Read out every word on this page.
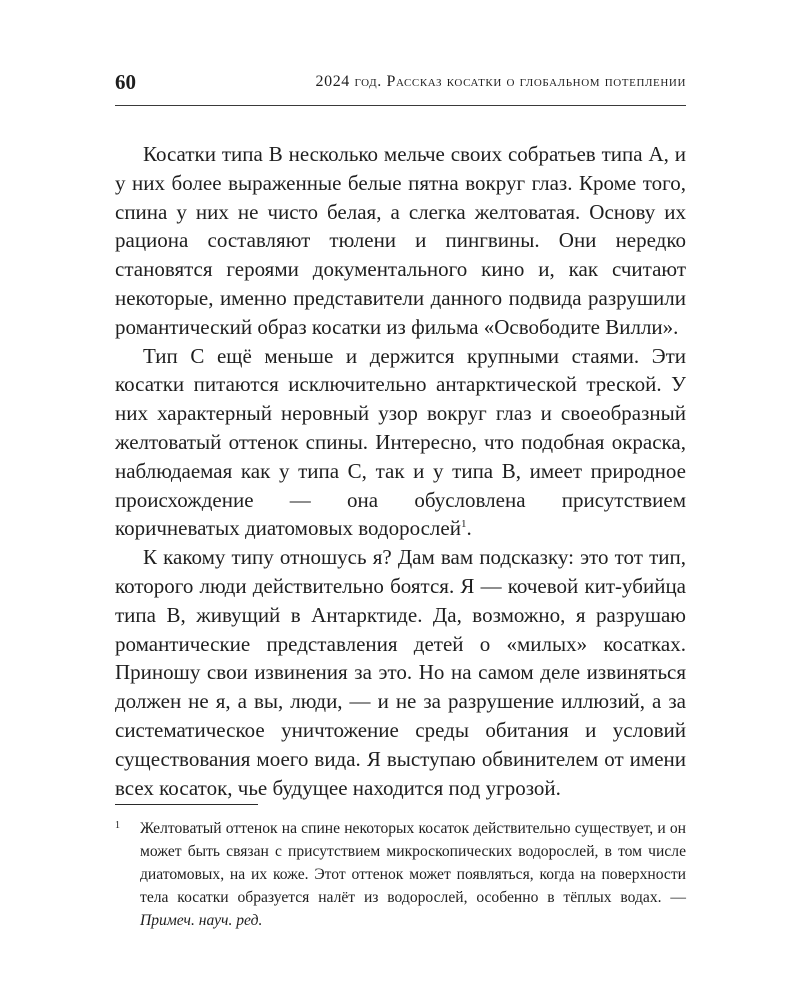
60	2024 год. Рассказ косатки о глобальном потеплении

Косатки типа B несколько мельче своих собратьев типа A, и у них более выраженные белые пятна вокруг глаз. Кроме того, спина у них не чисто белая, а слегка желтоватая. Основу их рациона составляют тюлени и пингвины. Они нередко становятся героями документального кино и, как считают некоторые, именно представители данного подвида разрушили романтический образ косатки из фильма «Освободите Вилли».

Тип C ещё меньше и держится крупными стаями. Эти косатки питаются исключительно антарктической треской. У них характерный неровный узор вокруг глаз и своеобразный желтоватый оттенок спины. Интересно, что подобная окраска, наблюдаемая как у типа C, так и у типа B, имеет природное происхождение — она обусловлена присутствием коричневатых диатомовых водорослей$^1$.

К какому типу отношусь я? Дам вам подсказку: это тот тип, которого люди действительно боятся. Я — кочевой кит-убийца типа B, живущий в Антарктиде. Да, возможно, я разрушаю романтические представления детей о «милых» косатках. Приношу свои извинения за это. Но на самом деле извиняться должен не я, а вы, люди, — и не за разрушение иллюзий, а за систематическое уничтожение среды обитания и условий существования моего вида. Я выступаю обвинителем от имени всех косаток, чье будущее находится под угрозой.

1 Желтоватый оттенок на спине некоторых косаток действительно существует, и он может быть связан с присутствием микроскопических водорослей, в том числе диатомовых, на их коже. Этот оттенок может появляться, когда на поверхности тела косатки образуется налёт из водорослей, особенно в тёплых водах. — Примеч. науч. ред.
